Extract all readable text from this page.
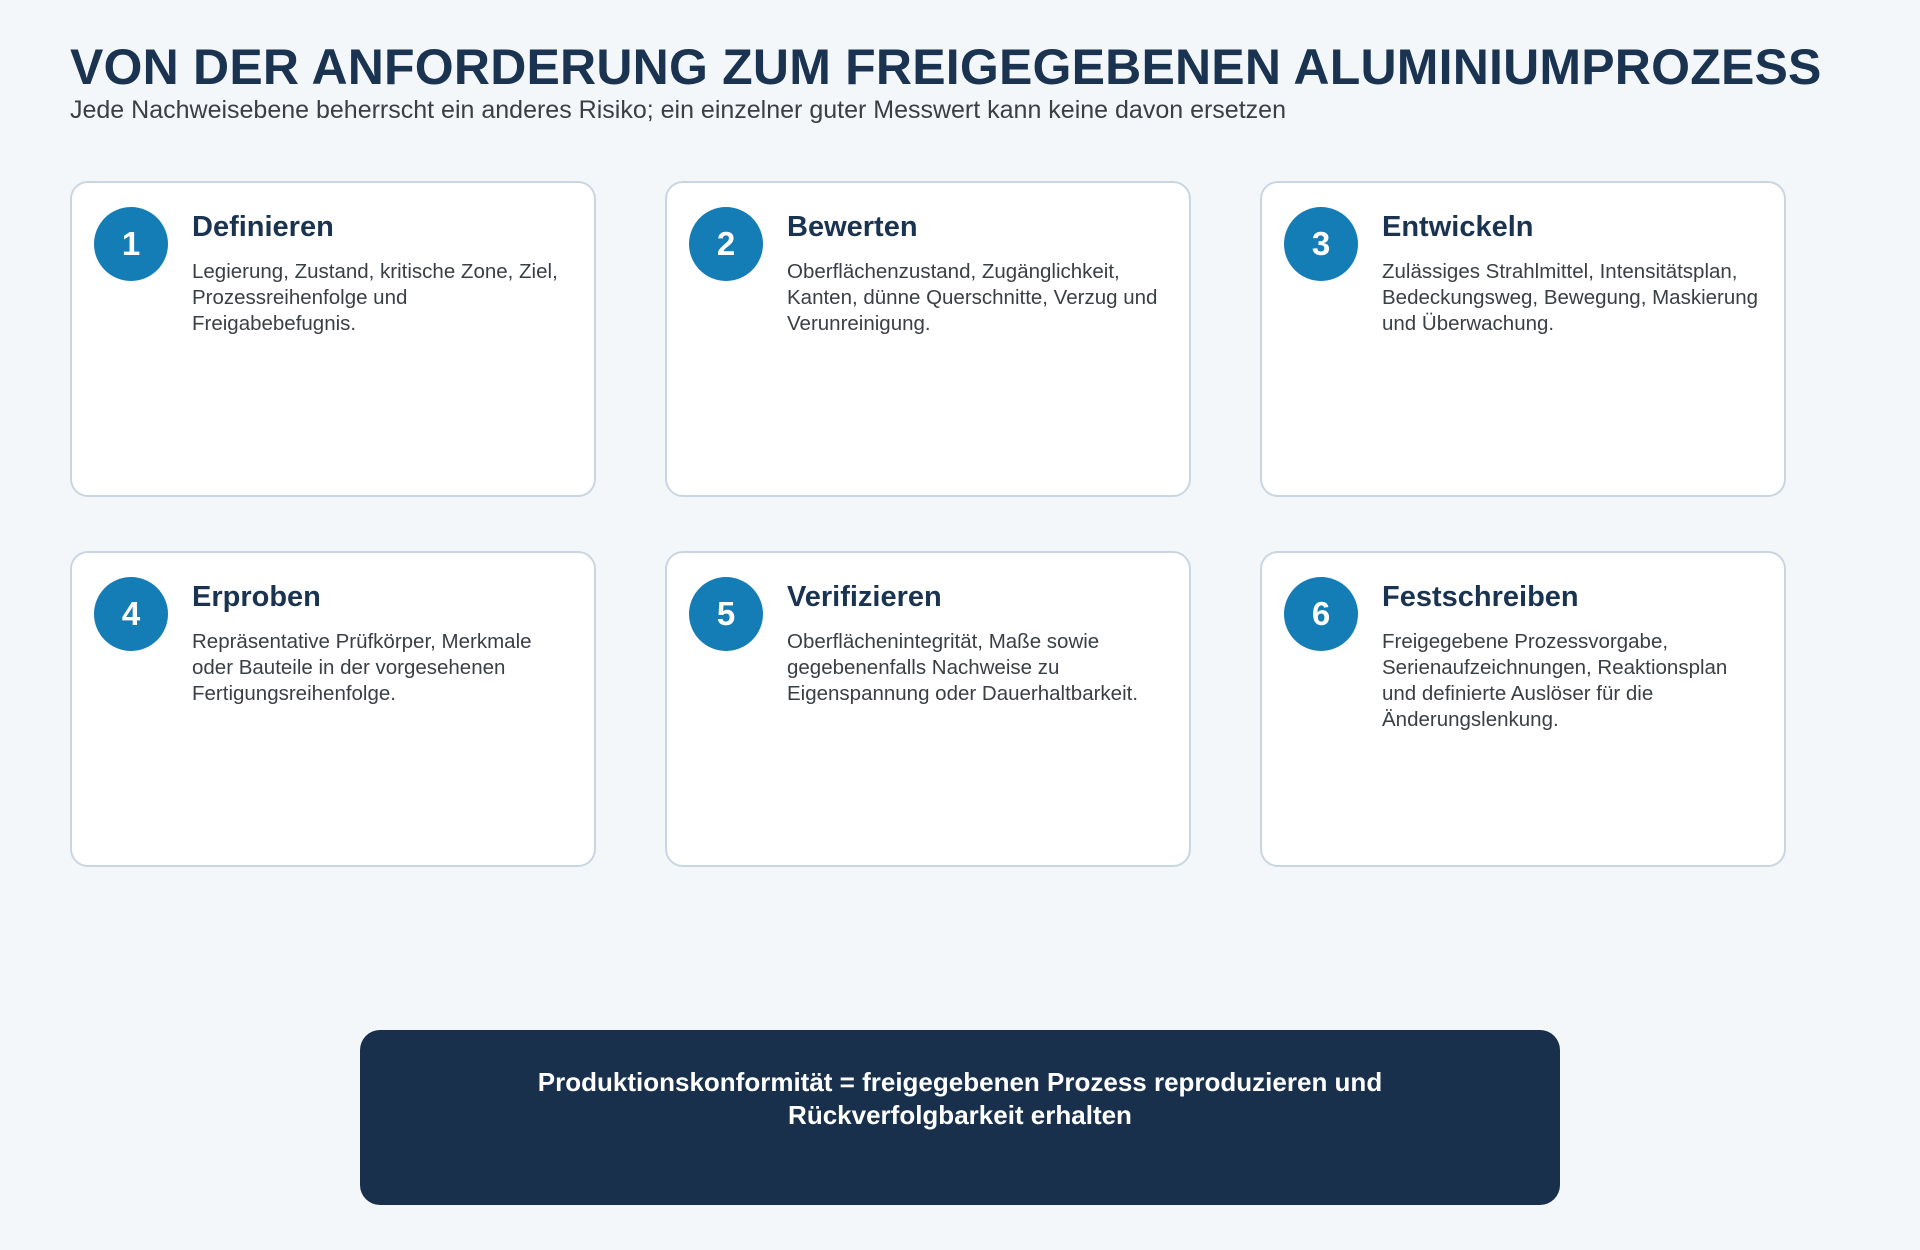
VON DER ANFORDERUNG ZUM FREIGEGEBENEN ALUMINIUMPROZESS

Jede Nachweisebene beherrscht ein anderes Risiko; ein einzelner guter Messwert kann keine davon ersetzen

1	Definieren

Legierung, Zustand, kritische Zone, Ziel, Prozessreihenfolge und Freigabebefugnis.

2	Bewerten

Oberflächenzustand, Zugänglichkeit, Kanten, dünne Querschnitte, Verzug und Verunreinigung.

3	Entwickeln

Zulässiges Strahlmittel, Intensitätsplan, Bedeckungsweg, Bewegung, Maskierung und Überwachung.

4	Erproben

Repräsentative Prüfkörper, Merkmale oder Bauteile in der vorgesehenen Fertigungsreihenfolge.

5	Verifizieren

Oberflächenintegrität, Maße sowie gegebenenfalls Nachweise zu Eigenspannung oder Dauerhaltbarkeit.

6	Festschreiben

Freigegebene Prozessvorgabe, Serienaufzeichnungen, Reaktionsplan und definierte Auslöser für die Änderungslenkung.

Produktionskonformität = freigegebenen Prozess reproduzieren und Rückverfolgbarkeit erhalten
